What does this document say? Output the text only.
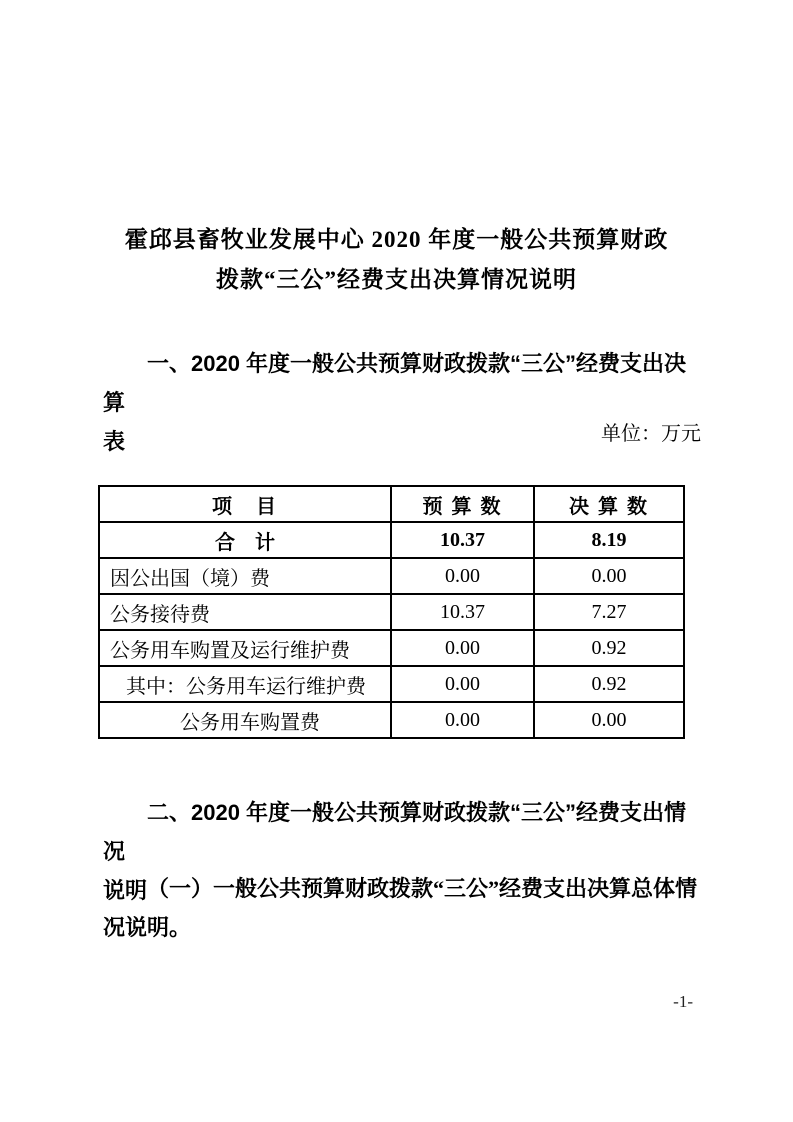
霍邱县畜牧业发展中心 2020 年度一般公共预算财政
拨款“三公”经费支出决算情况说明
一、2020 年度一般公共预算财政拨款“三公”经费支出决算
表	单位：万元
项　目	预 算 数	决 算 数
合　计	10.37	8.19
因公出国（境）费	0.00	0.00
公务接待费	10.37	7.27
公务用车购置及运行维护费	0.00	0.92
其中：公务用车运行维护费	0.00	0.92
公务用车购置费	0.00	0.00
二、2020 年度一般公共预算财政拨款“三公”经费支出情况
说明 （一）一般公共预算财政拨款“三公”经费支出决算总体情
况说明。
-1-
